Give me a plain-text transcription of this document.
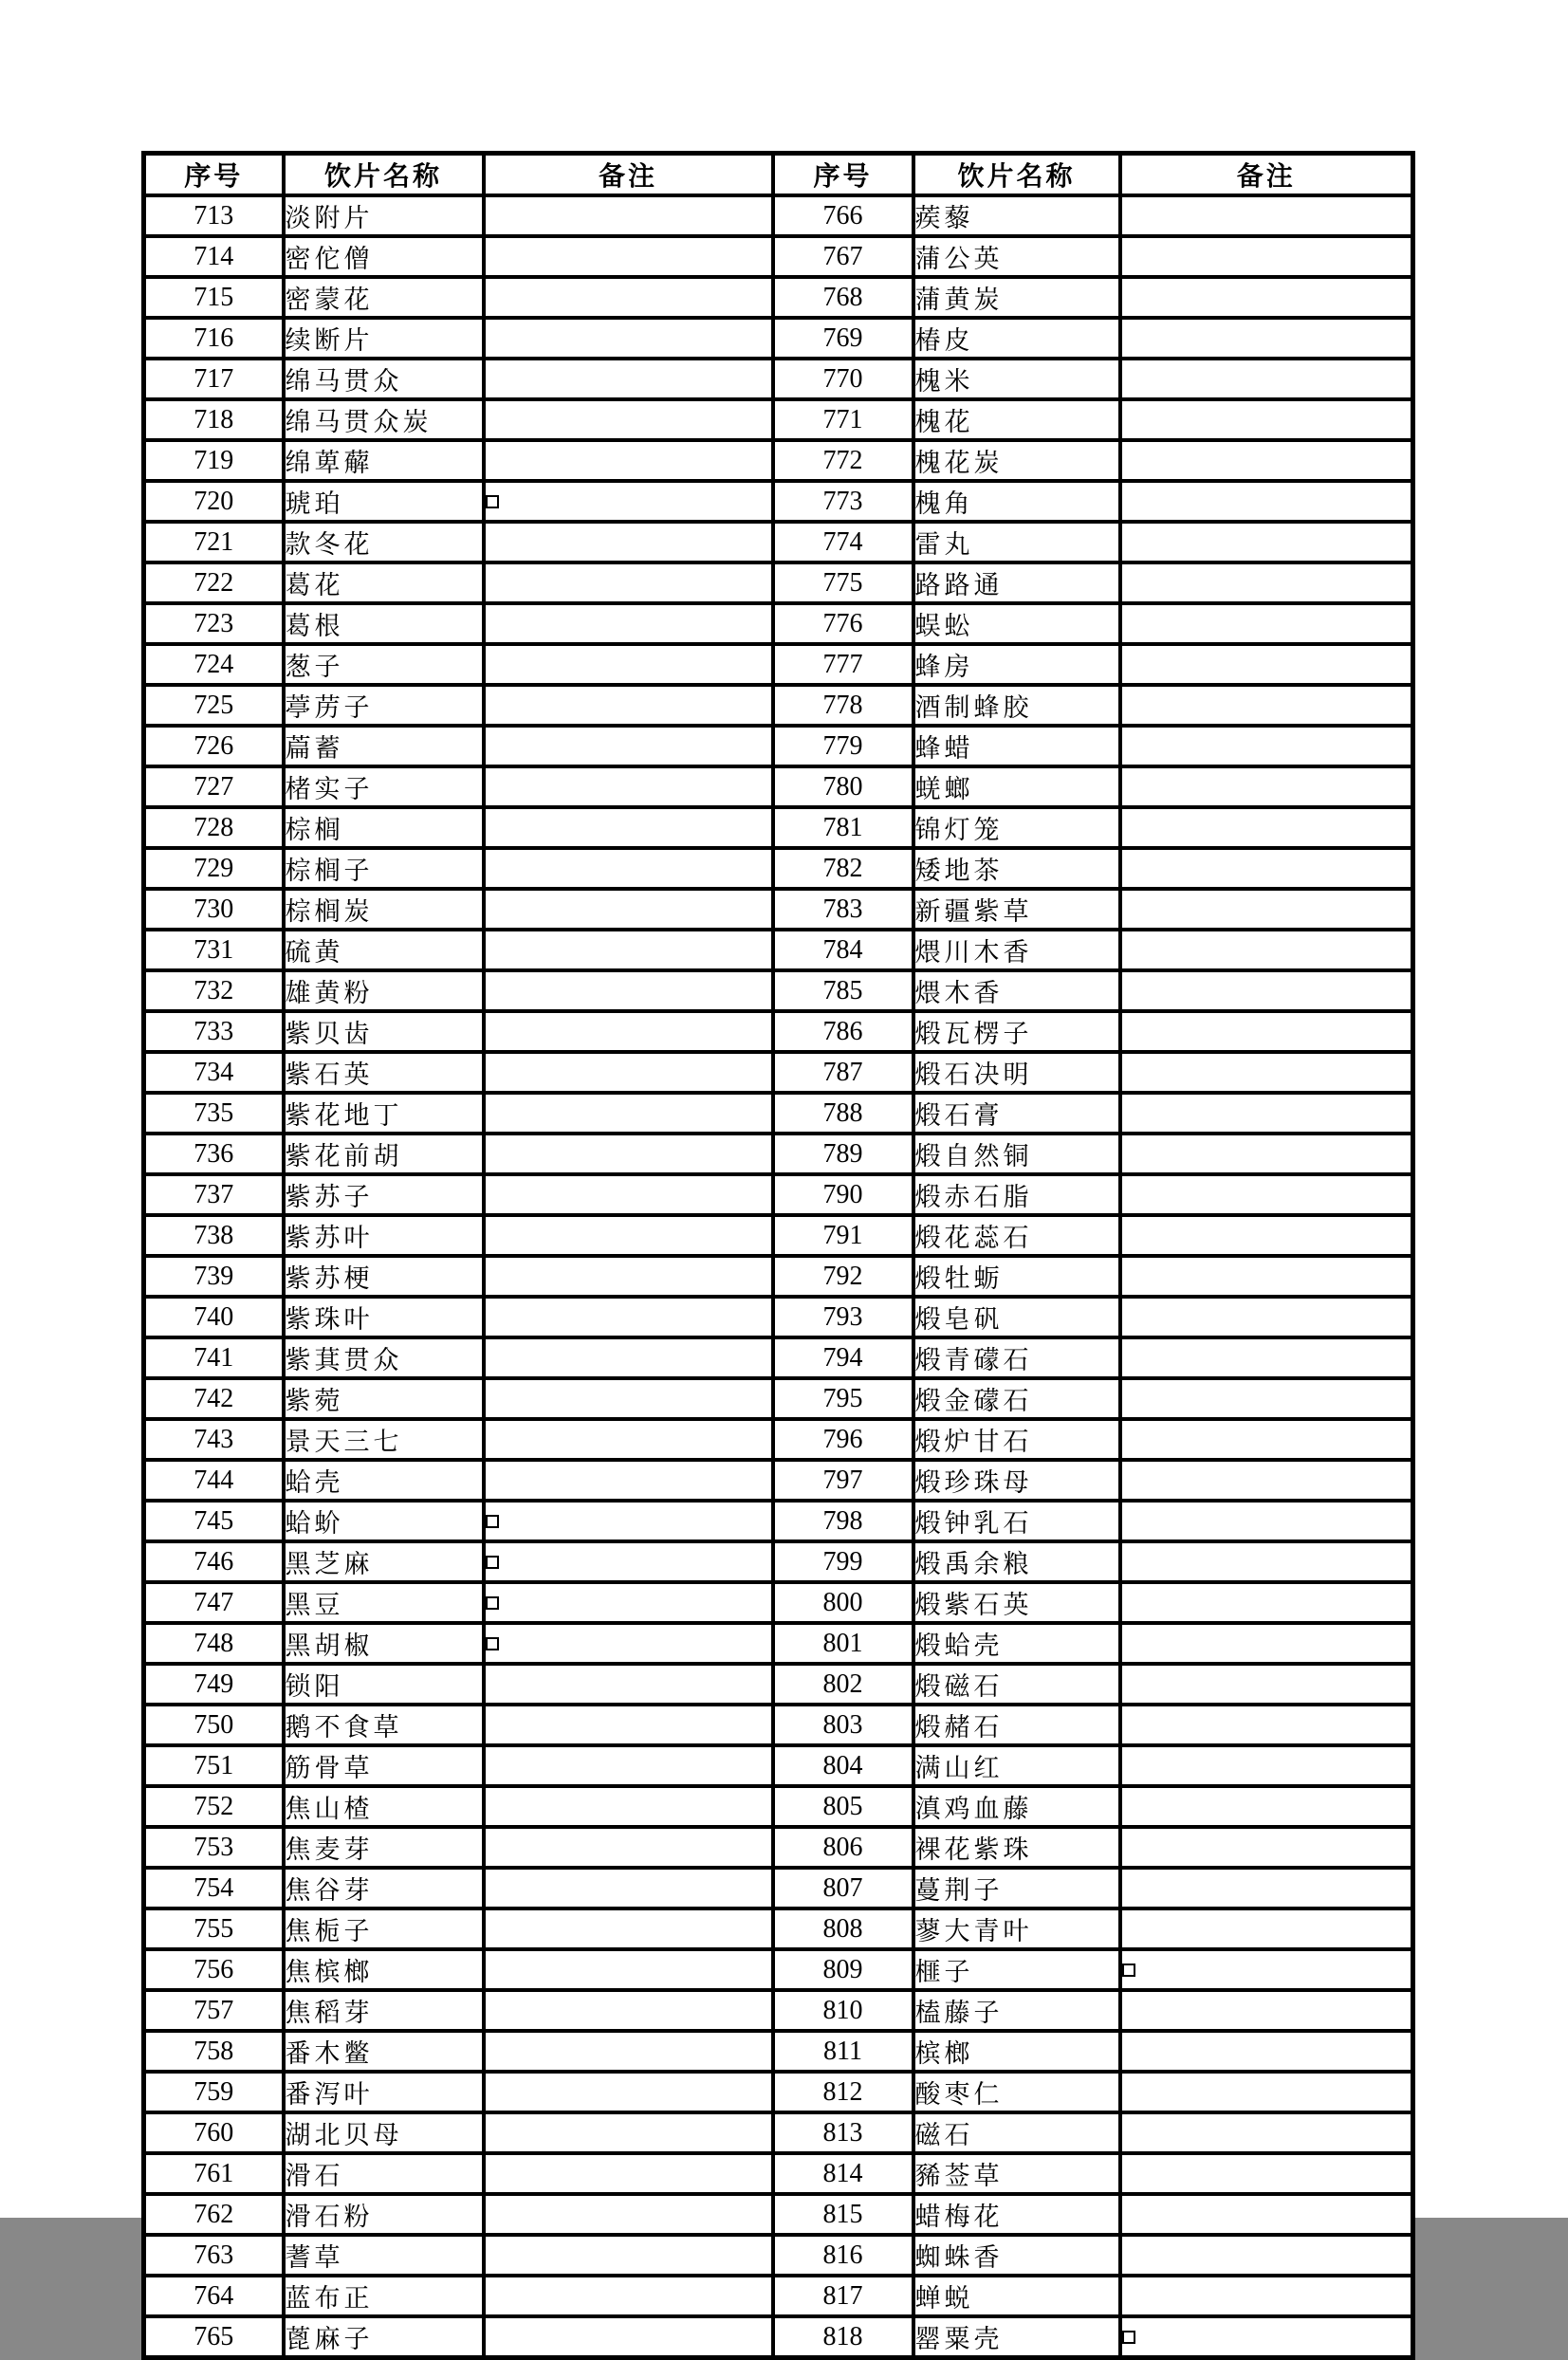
序号	饮片名称	备注	序号	饮片名称	备注
713	淡附片		766	蒺藜	
714	密佗僧		767	蒲公英	
715	密蒙花		768	蒲黄炭	
716	续断片		769	椿皮	
717	绵马贯众		770	槐米	
718	绵马贯众炭		771	槐花	
719	绵萆薢		772	槐花炭	
720	琥珀		773	槐角	
721	款冬花		774	雷丸	
722	葛花		775	路路通	
723	葛根		776	蜈蚣	
724	葱子		777	蜂房	
725	葶苈子		778	酒制蜂胶	
726	萹蓄		779	蜂蜡	
727	楮实子		780	蜣螂	
728	棕榈		781	锦灯笼	
729	棕榈子		782	矮地茶	
730	棕榈炭		783	新疆紫草	
731	硫黄		784	煨川木香	
732	雄黄粉		785	煨木香	
733	紫贝齿		786	煅瓦楞子	
734	紫石英		787	煅石决明	
735	紫花地丁		788	煅石膏	
736	紫花前胡		789	煅自然铜	
737	紫苏子		790	煅赤石脂	
738	紫苏叶		791	煅花蕊石	
739	紫苏梗		792	煅牡蛎	
740	紫珠叶		793	煅皂矾	
741	紫萁贯众		794	煅青礞石	
742	紫菀		795	煅金礞石	
743	景天三七		796	煅炉甘石	
744	蛤壳		797	煅珍珠母	
745	蛤蚧		798	煅钟乳石	
746	黑芝麻		799	煅禹余粮	
747	黑豆		800	煅紫石英	
748	黑胡椒		801	煅蛤壳	
749	锁阳		802	煅磁石	
750	鹅不食草		803	煅赭石	
751	筋骨草		804	满山红	
752	焦山楂		805	滇鸡血藤	
753	焦麦芽		806	裸花紫珠	
754	焦谷芽		807	蔓荆子	
755	焦栀子		808	蓼大青叶	
756	焦槟榔		809	榧子	
757	焦稻芽		810	榼藤子	
758	番木鳖		811	槟榔	
759	番泻叶		812	酸枣仁	
760	湖北贝母		813	磁石	
761	滑石		814	豨莶草	
762	滑石粉		815	蜡梅花	
763	蓍草		816	蜘蛛香	
764	蓝布正		817	蝉蜕	
765	蓖麻子		818	罂粟壳	
